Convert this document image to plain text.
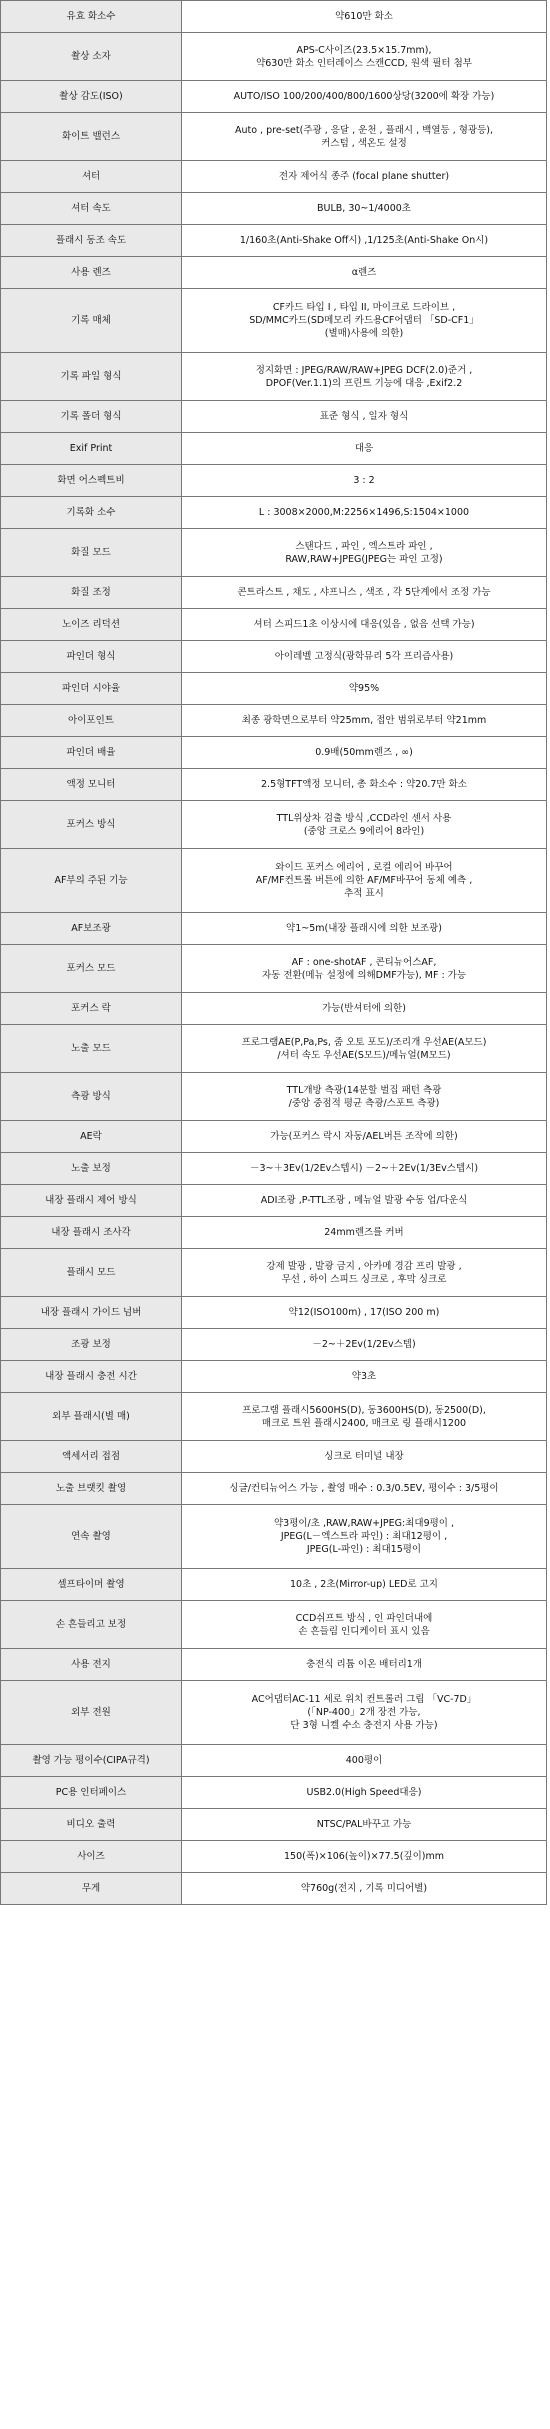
유효 화소수	약610만 화소
촬상 소자	APS-C사이즈(23.5×15.7mm),
약630만 화소 인터레이스 스캔CCD, 원색 필터 첨부
촬상 감도(ISO)	AUTO/ISO 100/200/400/800/1600상당(3200에 확장 가능)
화이트 밸런스	Auto , pre-set(주광 , 응달 , 운천 , 플래시 , 백열등 , 형광등),
커스텀 , 색온도 설정
셔터	전자 제어식 종주 (focal plane shutter)
셔터 속도	BULB, 30~1/4000초
플래시 동조 속도	1/160초(Anti-Shake Off시) ,1/125초(Anti-Shake On시)
사용 렌즈	α렌즈
기록 매체	CF카드 타입 I , 타입 II, 마이크로 드라이브 ,
SD/MMC카드(SD메모리 카드용CF어댑터 「SD-CF1」
(별매)사용에 의한)
기록 파일 형식	정지화면 : JPEG/RAW/RAW+JPEG DCF(2.0)준거 ,
DPOF(Ver.1.1)의 프린트 기능에 대응 ,Exif2.2
기록 폴더 형식	표준 형식 , 일자 형식
Exif Print	대응
화면 어스펙트비	3 : 2
기록화 소수	L : 3008×2000,M:2256×1496,S:1504×1000
화질 모드	스탠다드 , 파인 , 엑스트라 파인 ,
RAW,RAW+JPEG(JPEG는 파인 고정)
화질 조정	콘트라스트 , 채도 , 샤프니스 , 색조 , 각 5단계에서 조정 가능
노이즈 리덕션	셔터 스피드1초 이상시에 대응(있음 , 없음 선택 가능)
파인더 형식	아이레벨 고정식(광학뮤리 5각 프리즘사용)
파인더 시야율	약95%
아이포인트	최종 광학면으로부터 약25mm, 접안 범위로부터 약21mm
파인더 배율	0.9배(50mm렌즈 , ∞)
액정 모니터	2.5형TFT액정 모니터, 총 화소수 : 약20.7만 화소
포커스 방식	TTL위상차 검출 방식 ,CCD라인 센서 사용
(중앙 크로스 9에리어 8라인)
AF부의 주된 기능	와이드 포커스 에리어 , 로컬 에리어 바꾸어
AF/MF컨트롤 버튼에 의한 AF/MF바꾸어 동체 예측 ,
추적 표시
AF보조광	약1~5m(내장 플래시에 의한 보조광)
포커스 모드	AF : one-shotAF , 콘티뉴어스AF,
자동 전환(메뉴 설정에 의해DMF가능), MF : 가능
포커스 락	가능(반셔터에 의한)
노출 모드	프로그램AE(P,Pa,Ps, 줌 오토 포도)/조리개 우선AE(A모드)
/셔터 속도 우선AE(S모드)/메뉴얼(M모드)
측광 방식	TTL개방 측광(14분할 벌집 패턴 측광
/중앙 중점적 평균 측광/스포트 측광)
AE락	가능(포커스 락시 자동/AEL버튼 조작에 의한)
노출 보정	－3~＋3Ev(1/2Ev스텝시) －2~＋2Ev(1/3Ev스텝시)
내장 플래시 제어 방식	ADI조광 ,P-TTL조광 , 메뉴얼 발광 수동 업/다운식
내장 플래시 조사각	24mm렌즈를 커버
플래시 모드	강제 발광 , 발광 금지 , 아카메 경감 프리 발광 ,
무선 , 하이 스피드 싱크로 , 후막 싱크로
내장 플래시 가이드 넘버	약12(ISO100m) , 17(ISO 200 m)
조광 보정	－2~＋2Ev(1/2Ev스텝)
내장 플래시 충전 시간	약3초
외부 플래시(별 매)	프로그램 플래시5600HS(D), 동3600HS(D), 동2500(D),
매크로 트윈 플래시2400, 매크로 링 플래시1200
액세서리 접점	싱크로 터미널 내장
노출 브랫킷 촬영	싱글/컨티뉴어스 가능 , 촬영 매수 : 0.3/0.5EV, 평이수 : 3/5평이
연속 촬영	약3평이/초 ,RAW,RAW+JPEG:최대9평이 ,
JPEG(L－엑스트라 파인) : 최대12평이 ,
JPEG(L-파인) : 최대15평이
셀프타이머 촬영	10초 , 2초(Mirror-up) LED로 고지
손 흔들리고 보정	CCD쉬프트 방식 , 인 파인더내에
손 흔들림 인디케이터 표시 있음
사용 전지	충전식 리튬 이온 배터리1개
외부 전원	AC어댑터AC-11 세로 위치 컨트롤러 그립 「VC-7D」
(「NP-400」2개 장전 가능,
단 3형 니켈 수소 충전지 사용 가능)
촬영 가능 평이수(CIPA규격)	400평이
PC용 인터페이스	USB2.0(High Speed대응)
비디오 출력	NTSC/PAL바꾸고 가능
사이즈	150(폭)×106(높이)×77.5(깊이)mm
무게	약760g(전지 , 기록 미디어별)
